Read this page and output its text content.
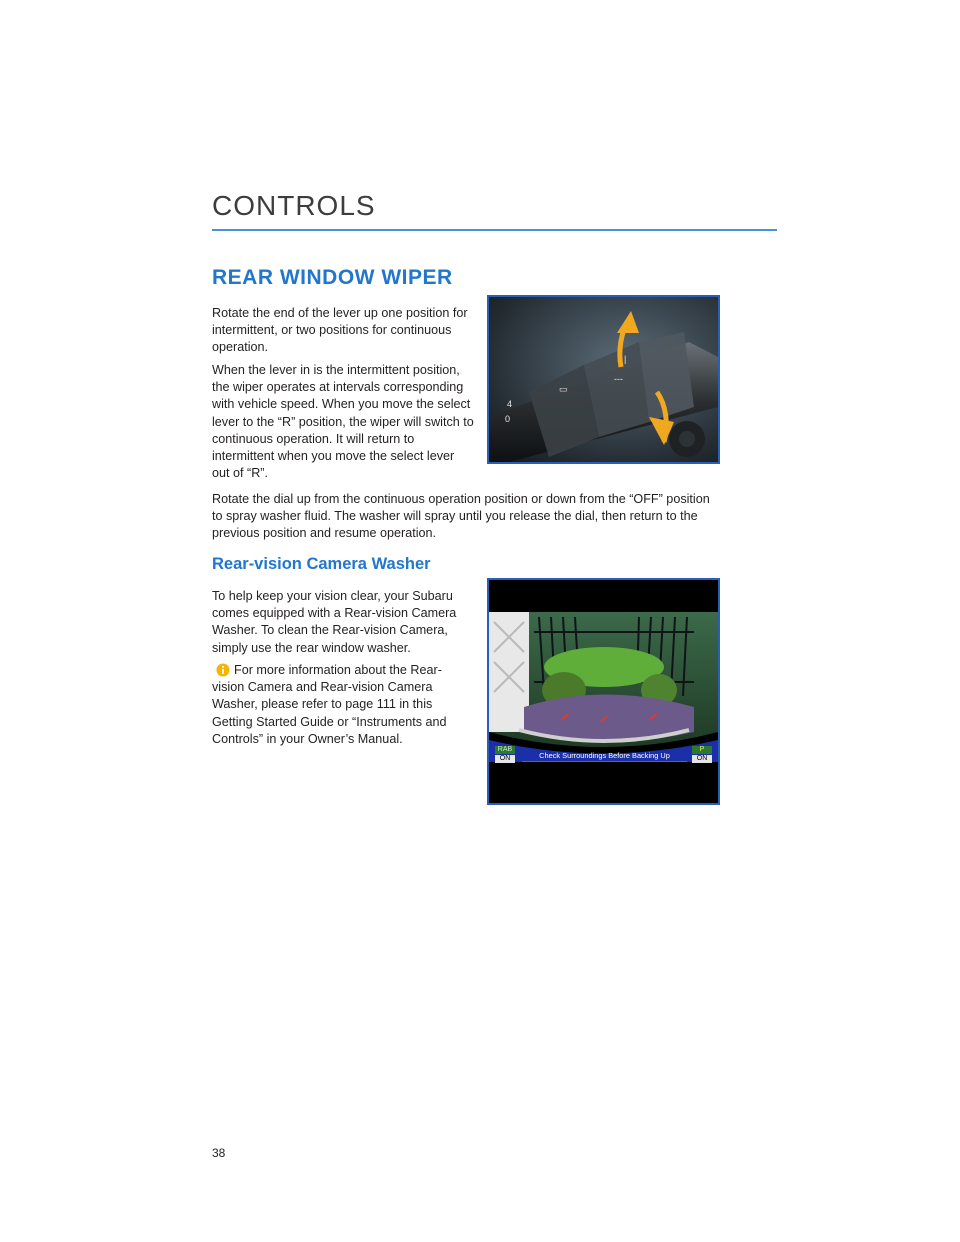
CONTROLS
REAR WINDOW WIPER

Rotate the end of the lever up one position for intermittent, or two positions for continuous operation.

When the lever in is the intermittent position, the wiper operates at intervals corresponding with vehicle speed. When you move the select lever to the “R” position, the wiper will switch to continuous operation. It will return to intermittent when you move the select lever out of “R”.

4
0
▭
|
---

Rotate the dial up from the continuous operation position or down from the “OFF” position to spray washer fluid. The washer will spray until you release the dial, then return to the previous position and resume operation.

Rear-vision Camera Washer

To help keep your vision clear, your Subaru comes equipped with a Rear-vision Camera Washer. To clean the Rear-vision Camera, simply use the rear window washer.

For more information about the Rear-vision Camera and Rear-vision Camera Washer, please refer to page 111 in this Getting Started Guide or “Instruments and Controls” in your Owner’s Manual.

RAB
ON	Check Surroundings Before Backing Up
P
ON
38
